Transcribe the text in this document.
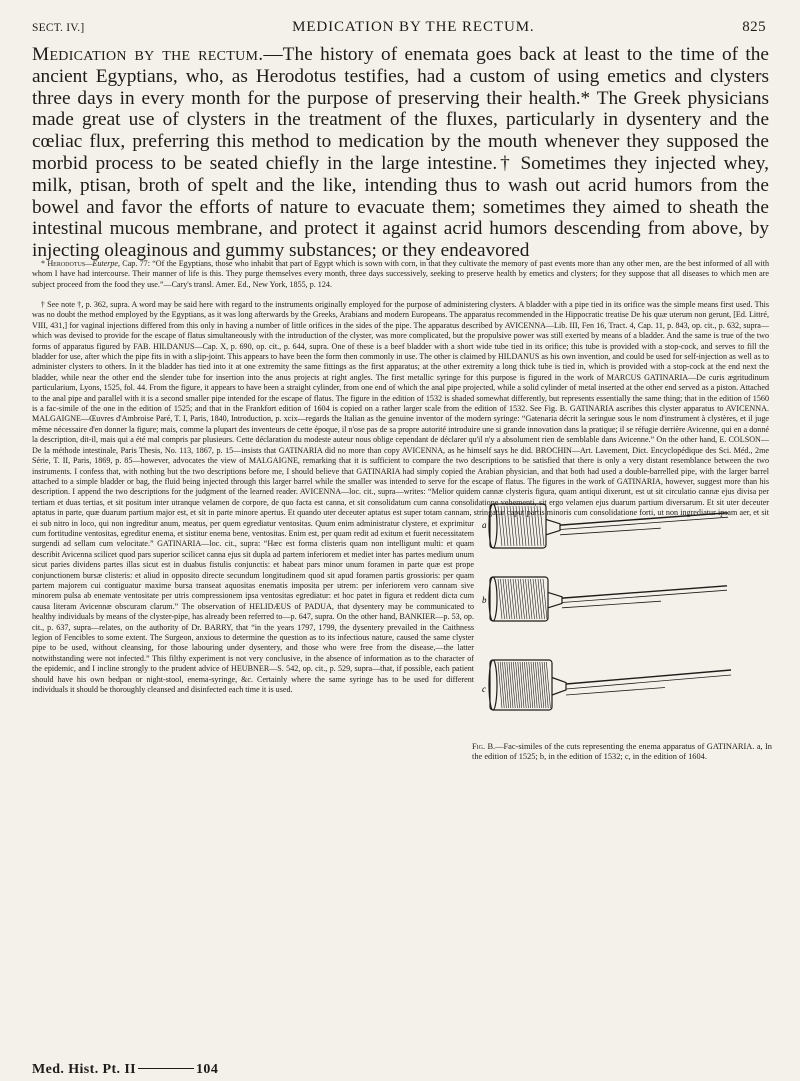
SECT. IV.]	MEDICATION BY THE RECTUM.	825

Medication by the rectum.—The history of enemata goes back at least to the time of the ancient Egyptians, who, as Herodotus testifies, had a custom of using emetics and clysters three days in every month for the purpose of preserving their health.* The Greek physicians made great use of clysters in the treatment of the fluxes, particularly in dysentery and the cœliac flux, preferring this method to medication by the mouth whenever they supposed the morbid process to be seated chiefly in the large intestine.† Sometimes they injected whey, milk, ptisan, broth of spelt and the like, intending thus to wash out acrid humors from the bowel and favor the efforts of nature to evacuate them; sometimes they aimed to sheath the intestinal mucous membrane, and protect it against acrid humors descending from above, by injecting oleaginous and gummy substances; or they endeavored

* Herodotus—Euterpe, Cap. 77: “Of the Egyptians, those who inhabit that part of Egypt which is sown with corn, in that they cultivate the memory of past events more than any other men, are the best informed of all with whom I have had intercourse. Their manner of life is this. They purge themselves every month, three days successively, seeking to preserve health by emetics and clysters; for they suppose that all diseases to which men are subject proceed from the food they use.”—Cary's transl. Amer. Ed., New York, 1855, p. 124.

† See note †, p. 362, supra. A word may be said here with regard to the instruments originally employed for the purpose of administering clysters. A bladder with a pipe tied in its orifice was the simple means first used. This was no doubt the method employed by the Egyptians, as it was long afterwards by the Greeks, Arabians and modern Europeans. The apparatus recommended in the Hippocratic treatise De his quæ uterum non gerunt, [Ed. Littré, VIII, 431,] for vaginal injections differed from this only in having a number of little orifices in the sides of the pipe. The apparatus described by AVICENNA—Lib. III, Fen 16, Tract. 4, Cap. 11, p. 843, op. cit., p. 632, supra—which was devised to provide for the escape of flatus simultaneously with the introduction of the clyster, was more complicated, but the propulsive power was still exerted by means of a bladder. And the same is true of the two forms of apparatus figured by FAB. HILDANUS—Cap. X, p. 690, op. cit., p. 644, supra. One of these is a beef bladder with a short wide tube tied in its orifice; this tube is provided with a stop-cock, and serves to fill the bladder for use, after which the pipe fits in with a slip-joint. This appears to have been the form then commonly in use. The other is claimed by HILDANUS as his own invention, and could be used for self-injection as well as to administer clysters to others. In it the bladder has tied into it at one extremity the same fittings as the first apparatus; at the other extremity a long thick tube is tied in, which is provided with a stop-cock at the end next the bladder, while near the other end the slender tube for insertion into the anus projects at right angles. The first metallic syringe for this purpose is figured in the work of MARCUS GATINARIA—De curis ægritudinum particularium, Lyons, 1525, fol. 44. From the figure, it appears to have been a straight cylinder, from one end of which the anal pipe projected, while a solid cylinder of metal inserted at the other end served as a piston. Attached to the anal pipe and parallel with it is a second smaller pipe intended for the escape of flatus. The figure in the edition of 1532 is shaded somewhat differently, but represents essentially the same thing; that in the edition of 1560 is a fac-simile of the one in the edition of 1525; and that in the Frankfort edition of 1604 is copied on a rather larger scale from the edition of 1532. See Fig. B. GATINARIA ascribes this clyster apparatus to AVICENNA. MALGAIGNE—Œuvres d'Ambroise Paré, T. I, Paris, 1840, Introduction, p. xcix—regards the Italian as the genuine inventor of the modern syringe: “Gatenaria décrit la seringue sous le nom d'instrument à clystères, et il juge même nécessaire d'en donner la figure; mais, comme la plupart des inventeurs de cette époque, il n'ose pas de sa propre autorité introduire une si grande innovation dans la pratique; il se réfugie derrière Avicenne, qui en a donné la description, dit-il, mais qui a été mal compris par plusieurs. Cette déclaration du modeste auteur nous oblige cependant de déclarer qu'il n'y a absolument rien de semblable dans Avicenne.” On the other hand, E. COLSON—De la méthode intestinale, Paris Thesis, No. 113, 1867, p. 15—insists that GATINARIA did no more than copy AVICENNA, as he himself says he did. BROCHIN—Art. Lavement, Dict. Encyclopédique des Sci. Méd., 2me Série, T. II, Paris, 1869, p. 85—however, advocates the view of MALGAIGNE, remarking that it is sufficient to compare the two descriptions to be satisfied that there is only a very distant resemblance between the two instruments. I confess that, with nothing but the two descriptions before me, I should believe that GATINARIA had simply copied the Arabian physician, and that both had used a double-barrelled pipe, with the larger barrel attached to a simple bladder or bag, the fluid being injected through this larger barrel while the smaller was intended to serve for the escape of flatus. The figures in the work of GATINARIA, however, suggest more than his description. I append the two descriptions for the judgment of the learned reader. AVICENNA—loc. cit., supra—writes: “Melior quidem cannæ clysteris figura, quam antiqui dixerunt, est ut sit circulatio cannæ ejus divisa per tertiam et duas tertias, et sit positum inter utranque velamen de corpore, de quo facta est canna, et sit consolidatum cum canna consolidatione vehementi, sit ergo velamen ejus duarum partium diversarum. Et sit uter deceuter aptatus in parte, quæ duarum partium major est, et sit in parte minore apertus. Et quando uter deceuter aptatus est super totam cannam, stringatur caput partis minoris cum consolidatione forti, ut non ingrediatur ipsam aer, et sit ei sub nitro in loco, qui non ingreditur anum, meatus, per quem egrediatur ventositas. Quum enim administratur clystere, et exprimitur cum fortitudine ventositas, egreditur enema, et sistitur enema bene, ventositas. Enim est, per quam redit ad exitum et fuerit necessitatem surgendi ad sellam cum velocitate.” GATINARIA—loc. cit., supra: “Hæc est forma clisteris quam non intelligunt multi: et quam describit Avicenna scilicet quod pars superior scilicet canna ejus sit dupla ad partem inferiorem et mediet inter has partes medium unum sicut paries dividens partes illas sicut est in duabus fistulis conjunctis: et habeat pars minor unum foramen in parte quæ est prope conjunctionem bursæ clisteris: et aliud in opposito directe secundum longitudinem quod sit apud foramen partis grossioris: per quam partem majorem cui contiguatur maxime bursa transeat aquositas enematis imposita per utrem: per inferiorem vero cannam sive minorem pulsa ab enemate ventositate per utris compressionem ipsa ventositas egrediatur: et hoc patet in figura et reddent dicta cum causa literam Avicennæ obscuram clarum.” The observation of HELIDÆUS of PADUA, that dysentery may be communicated to healthy individuals by means of the clyster-pipe, has already been referred to—p. 647, supra. On the other hand, BANKIER—p. 53, op. cit., p. 637, supra—relates, on the authority of Dr. BARRY, that “in the years 1797, 1799, the dysentery prevailed in the Caithness legion of Fencibles to some extent. The Surgeon, anxious to determine the question as to its infectious nature, caused the same clyster pipe to be used, without cleansing, for those labouring under dysentery, and those who were free from the disease,—the latter notwithstanding were not infected.” This filthy experiment is not very conclusive, in the absence of information as to the character of the epidemic, and I incline strongly to the prudent advice of HEUBNER—S. 542, op. cit., p. 529, supra—that, if possible, each patient should have his own bedpan or night-stool, enema-syringe, &c. Certainly where the same syringe has to be used for different individuals it should be thoroughly cleansed and disinfected each time it is used.

a
b
c

Fig. B.—Fac-similes of the cuts representing the enema apparatus of GATINARIA. a, In the edition of 1525; b, in the edition of 1532; c, in the edition of 1604.

Med. Hist. Pt. II	104
